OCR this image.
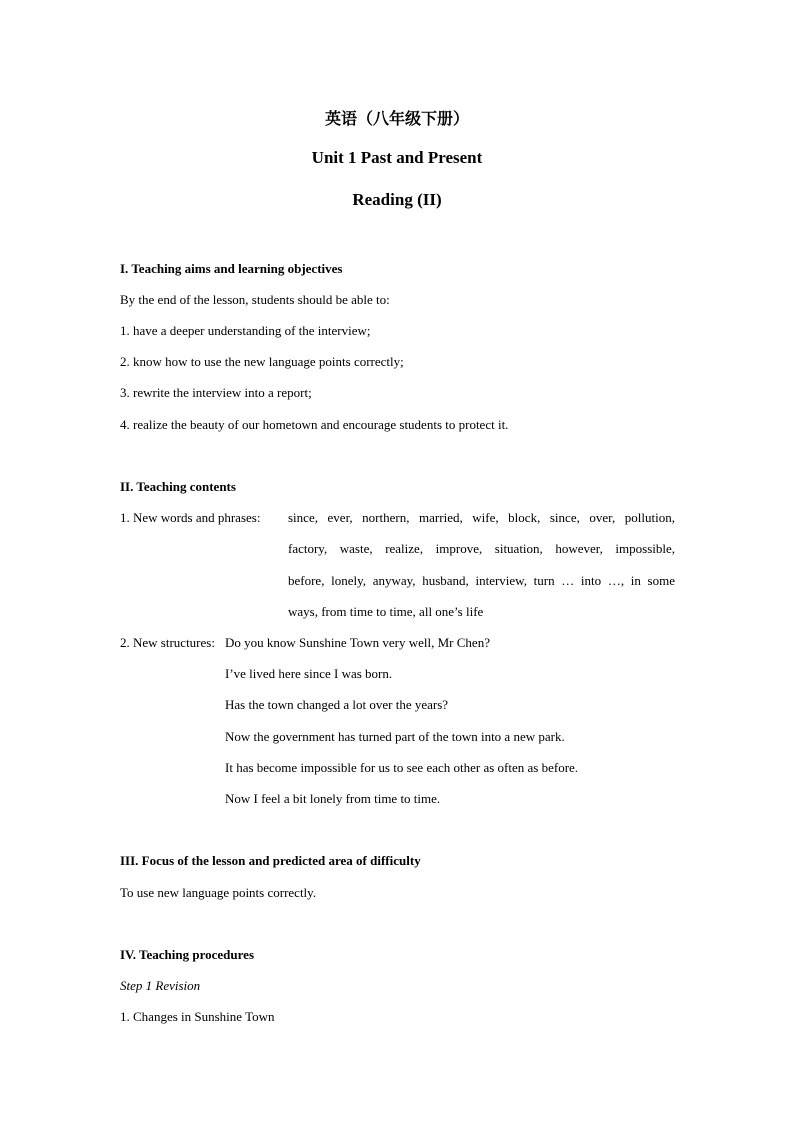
英语（八年级下册）
Unit 1 Past and Present
Reading (II)
I. Teaching aims and learning objectives
By the end of the lesson, students should be able to:
1. have a deeper understanding of the interview;
2. know how to use the new language points correctly;
3. rewrite the interview into a report;
4. realize the beauty of our hometown and encourage students to protect it.
II. Teaching contents
1. New words and phrases: since, ever, northern, married, wife, block, since, over, pollution,
factory, waste, realize, improve, situation, however, impossible,
before, lonely, anyway, husband, interview, turn … into …, in some
ways, from time to time, all one’s life
2. New structures: Do you know Sunshine Town very well, Mr Chen?
I’ve lived here since I was born.
Has the town changed a lot over the years?
Now the government has turned part of the town into a new park.
It has become impossible for us to see each other as often as before.
Now I feel a bit lonely from time to time.
III. Focus of the lesson and predicted area of difficulty
To use new language points correctly.
IV. Teaching procedures
Step 1 Revision
1. Changes in Sunshine Town
